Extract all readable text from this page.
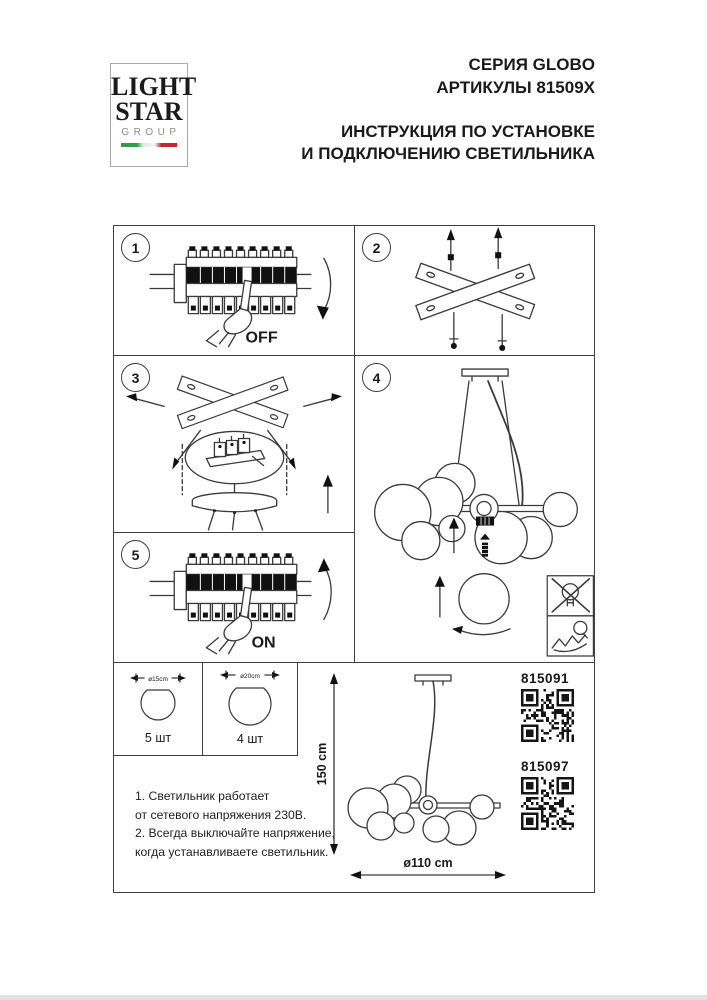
LIGHT
STAR
GROUP
СЕРИЯ GLOBO
АРТИКУЛЫ 81509X
ИНСТРУКЦИЯ ПО УСТАНОВКЕ
И ПОДКЛЮЧЕНИЮ СВЕТИЛЬНИКА
1
OFF
2
3	4
5
ON
ø15cm
5 шт
ø20cm
4 шт
1. Светильник работает
от сетевого напряжения 230В.
2. Всегда выключайте напряжение,
когда устанавливаете светильник.
150 cm
ø110 cm
815091
815097
